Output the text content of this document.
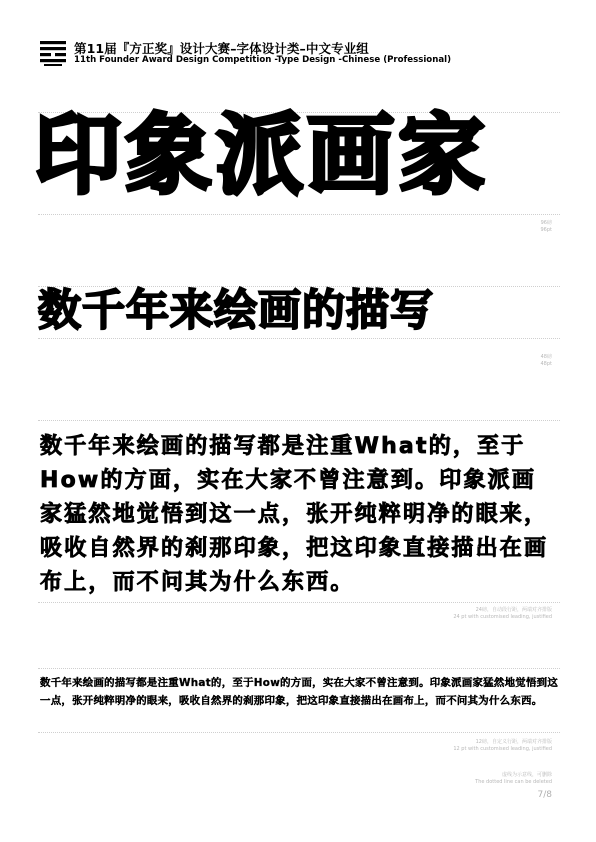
第11届『方正奖』设计大赛–字体设计类–中文专业组
11th Founder Award Design Competition -Type Design -Chinese (Professional)
印象派画家
96磅
96pt
数千年来绘画的描写
48磅
48pt
数千年来绘画的描写都是注重What的，至于How的方面，实在大家不曾注意到。印象派画家猛然地觉悟到这一点，张开纯粹明净的眼来，吸收自然界的刹那印象，把这印象直接描出在画布上，而不问其为什么东西。
24磅，自动段行距，两端对齐排版
24 pt with customised leading, justified
数千年来绘画的描写都是注重What的，至于How的方面，实在大家不曾注意到。印象派画家猛然地觉悟到这一点，张开纯粹明净的眼来，吸收自然界的刹那印象，把这印象直接描出在画布上，而不问其为什么东西。
12磅，自定义行距，两端对齐排版
12 pt with customised leading, justified
虚线为示意线，可删除
The dotted line can be deleted
7/8
